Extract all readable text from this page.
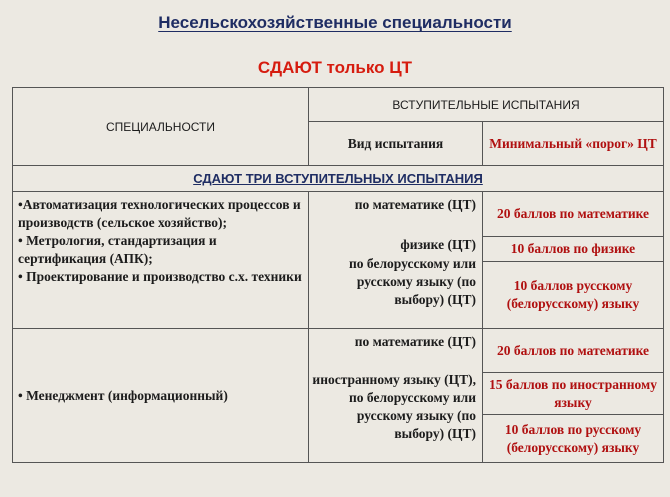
Несельскохозяйственные специальности
СДАЮТ только ЦТ
СПЕЦИАЛЬНОСТИ	ВСТУПИТЕЛЬНЫЕ ИСПЫТАНИЯ	
	Вид испытания	Минимальный «порог» ЦТ
СДАЮТ ТРИ ВСТУПИТЕЛЬНЫХ ИСПЫТАНИЯ		

•Автоматизация технологических процессов и производств (сельское хозяйство);
• Метрология, стандартизация и сертификация (АПК);
• Проектирование и производство с.х. техники	по математике (ЦТ)
физике (ЦТ)
по белорусскому или русскому языку (по выбору) (ЦТ)	20 баллов по математике
		10 баллов по физике
		10 баллов русскому (белорусскому) языку

• Менеджмент (информационный)	по математике (ЦТ)
иностранному языку (ЦТ),
по белорусскому или русскому языку (по выбору) (ЦТ)	20 баллов по математике
		15 баллов по иностранному языку
		10 баллов по русскому (белорусскому) языку
